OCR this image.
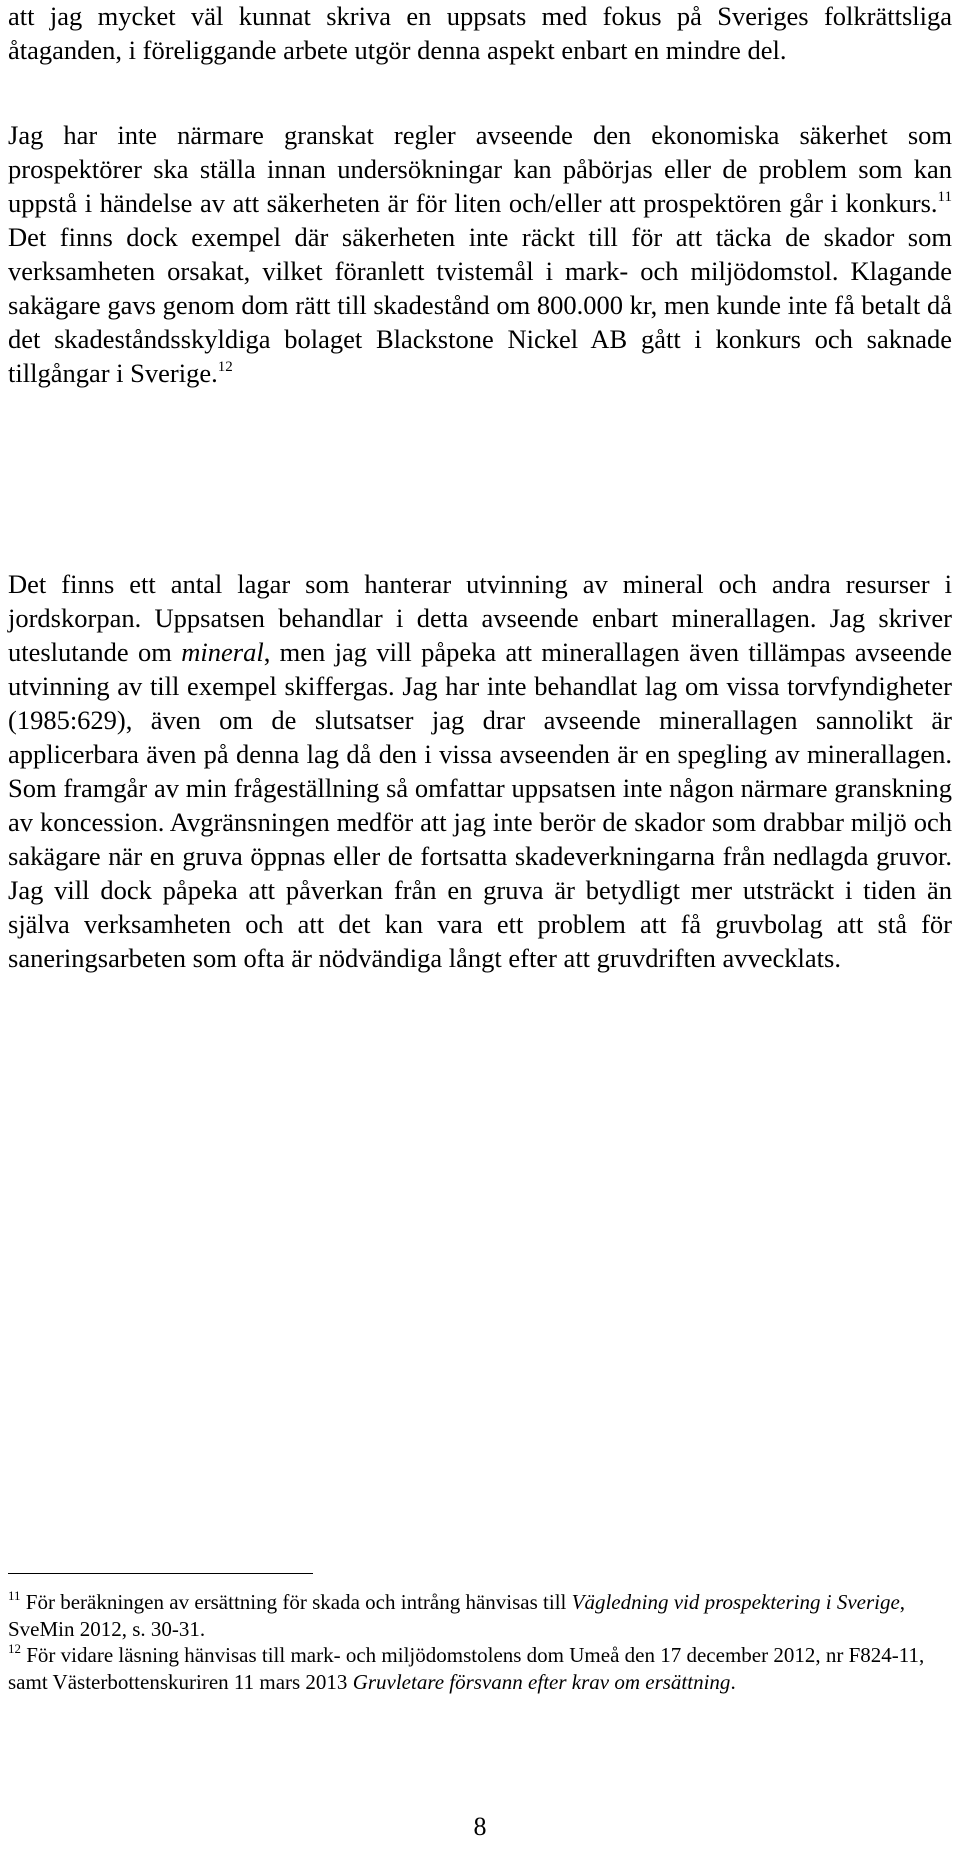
att jag mycket väl kunnat skriva en uppsats med fokus på Sveriges folkrättsliga åtaganden, i föreliggande arbete utgör denna aspekt enbart en mindre del.

Jag har inte närmare granskat regler avseende den ekonomiska säkerhet som prospektörer ska ställa innan undersökningar kan påbörjas eller de problem som kan uppstå i händelse av att säkerheten är för liten och/eller att prospektören går i konkurs.$^{11}$ Det finns dock exempel där säkerheten inte räckt till för att täcka de skador som verksamheten orsakat, vilket föranlett tvistemål i mark- och miljödomstol. Klagande sakägare gavs genom dom rätt till skadestånd om 800.000 kr, men kunde inte få betalt då det skadeståndsskyldiga bolaget Blackstone Nickel AB gått i konkurs och saknade tillgångar i Sverige.$^{12}$

Det finns ett antal lagar som hanterar utvinning av mineral och andra resurser i jordskorpan. Uppsatsen behandlar i detta avseende enbart minerallagen. Jag skriver uteslutande om mineral, men jag vill påpeka att minerallagen även tillämpas avseende utvinning av till exempel skiffergas. Jag har inte behandlat lag om vissa torvfyndigheter (1985:629), även om de slutsatser jag drar avseende minerallagen sannolikt är applicerbara även på denna lag då den i vissa avseenden är en spegling av minerallagen. Som framgår av min frågeställning så omfattar uppsatsen inte någon närmare granskning av koncession. Avgränsningen medför att jag inte berör de skador som drabbar miljö och sakägare när en gruva öppnas eller de fortsatta skadeverkningarna från nedlagda gruvor. Jag vill dock påpeka att påverkan från en gruva är betydligt mer utsträckt i tiden än själva verksamheten och att det kan vara ett problem att få gruvbolag att stå för saneringsarbeten som ofta är nödvändiga långt efter att gruvdriften avvecklats.

$^{11}$ För beräkningen av ersättning för skada och intrång hänvisas till Vägledning vid prospektering i Sverige, SveMin 2012, s. 30-31.

$^{12}$ För vidare läsning hänvisas till mark- och miljödomstolens dom Umeå den 17 december 2012, nr F824-11, samt Västerbottenskuriren 11 mars 2013 Gruvletare försvann efter krav om ersättning.

8
